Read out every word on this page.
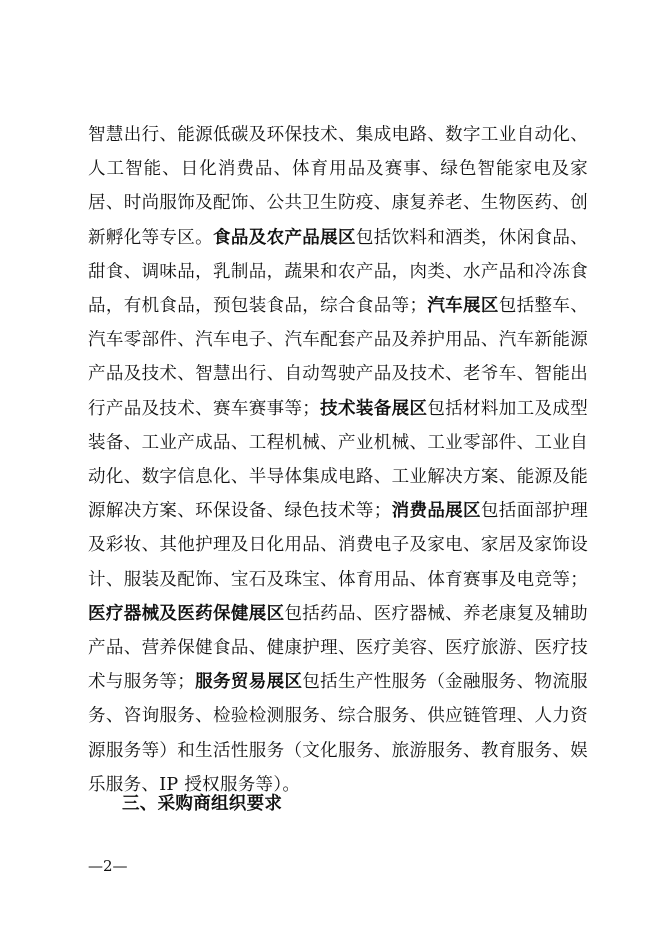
智慧出行、能源低碳及环保技术、集成电路、数字工业自动化、人工智能、日化消费品、体育用品及赛事、绿色智能家电及家居、时尚服饰及配饰、公共卫生防疫、康复养老、生物医药、创新孵化等专区。食品及农产品展区包括饮料和酒类，休闲食品、甜食、调味品，乳制品，蔬果和农产品，肉类、水产品和冷冻食品，有机食品，预包装食品，综合食品等；汽车展区包括整车、汽车零部件、汽车电子、汽车配套产品及养护用品、汽车新能源产品及技术、智慧出行、自动驾驶产品及技术、老爷车、智能出行产品及技术、赛车赛事等；技术装备展区包括材料加工及成型装备、工业产成品、工程机械、产业机械、工业零部件、工业自动化、数字信息化、半导体集成电路、工业解决方案、能源及能源解决方案、环保设备、绿色技术等；消费品展区包括面部护理及彩妆、其他护理及日化用品、消费电子及家电、家居及家饰设计、服装及配饰、宝石及珠宝、体育用品、体育赛事及电竞等；医疗器械及医药保健展区包括药品、医疗器械、养老康复及辅助产品、营养保健食品、健康护理、医疗美容、医疗旅游、医疗技术与服务等；服务贸易展区包括生产性服务（金融服务、物流服务、咨询服务、检验检测服务、综合服务、供应链管理、人力资源服务等）和生活性服务（文化服务、旅游服务、教育服务、娱乐服务、IP 授权服务等）。

三、采购商组织要求
—2—
